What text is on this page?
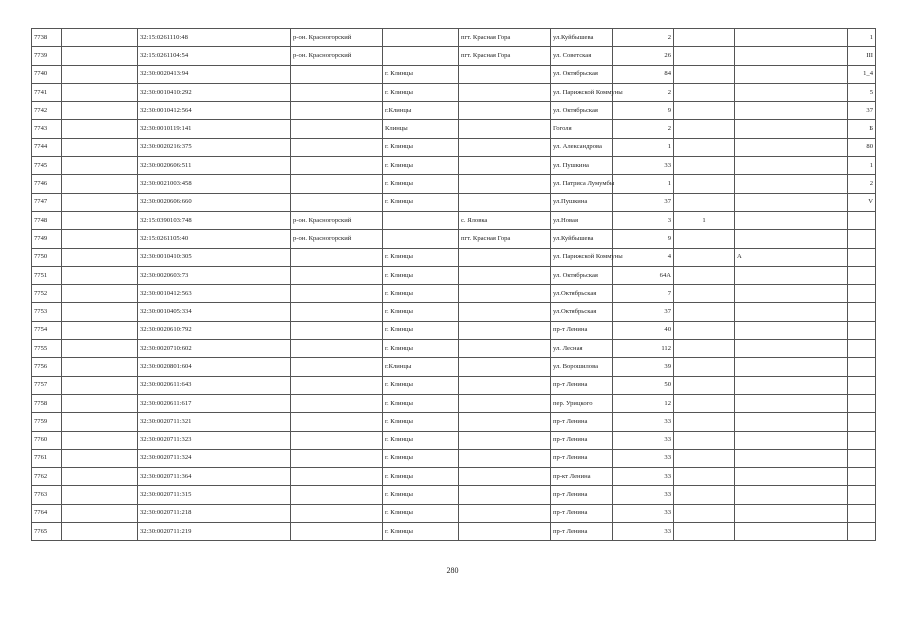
7738		32:15:0261110:48	р-он. Красногорский		пгт. Красная Гора	ул.Куйбышева	2			1
7739		32:15:0261104:54	р-он. Красногорский		пгт. Красная Гора	ул. Советская	26			III
7740		32:30:0020413:94		г. Клинцы		ул. Октябрьская	84			1_4
7741		32:30:0010410:292		г. Клинцы		ул. Парижской Коммуны	2			5
7742		32:30:0010412:564		г.Клинцы		ул. Октябрьская	9			37
7743		32:30:0010119:141		Клинцы		Гоголя	2			Б
7744		32:30:0020216:375		г. Клинцы		ул. Александрова	1			80
7745		32:30:0020606:511		г. Клинцы		ул. Пушкина	33			1
7746		32:30:0021003:458		г. Клинцы		ул. Патриса Лумумбы	1			2
7747		32:30:0020606:660		г. Клинцы		ул.Пушкина	37			V
7748		32:15:0390103:748	р-он. Красногорский		с. Яловка	ул.Новая	3	1		
7749		32:15:0261105:40	р-он. Красногорский		пгт. Красная Гора	ул.Куйбышева	9			
7750		32:30:0010410:305		г. Клинцы		ул. Парижской Коммуны	4		А	
7751		32:30:0020603:73		г. Клинцы		ул. Октябрьская	64А			
7752		32:30:0010412:563		г. Клинцы		ул.Октябрьская	7			
7753		32:30:0010405:334		г. Клинцы		ул.Октябрьская	37			
7754		32:30:0020610:792		г. Клинцы		пр-т Ленина	40			
7755		32:30:0020710:602		г. Клинцы		ул. Лесная	112			
7756		32:30:0020801:604		г.Клинцы		ул. Ворошилова	39			
7757		32:30:0020611:643		г. Клинцы		пр-т Ленина	50			
7758		32:30:0020611:617		г. Клинцы		пер. Урицкого	12			
7759		32:30:0020711:321		г. Клинцы		пр-т Ленина	33			
7760		32:30:0020711:323		г. Клинцы		пр-т Ленина	33			
7761		32:30:0020711:324		г. Клинцы		пр-т Ленина	33			
7762		32:30:0020711:364		г. Клинцы		пр-кт Ленина	33			
7763		32:30:0020711:315		г. Клинцы		пр-т Ленина	33			
7764		32:30:0020711:218		г. Клинцы		пр-т Ленина	33			
7765		32:30:0020711:219		г. Клинцы		пр-т Ленина	33			
280
